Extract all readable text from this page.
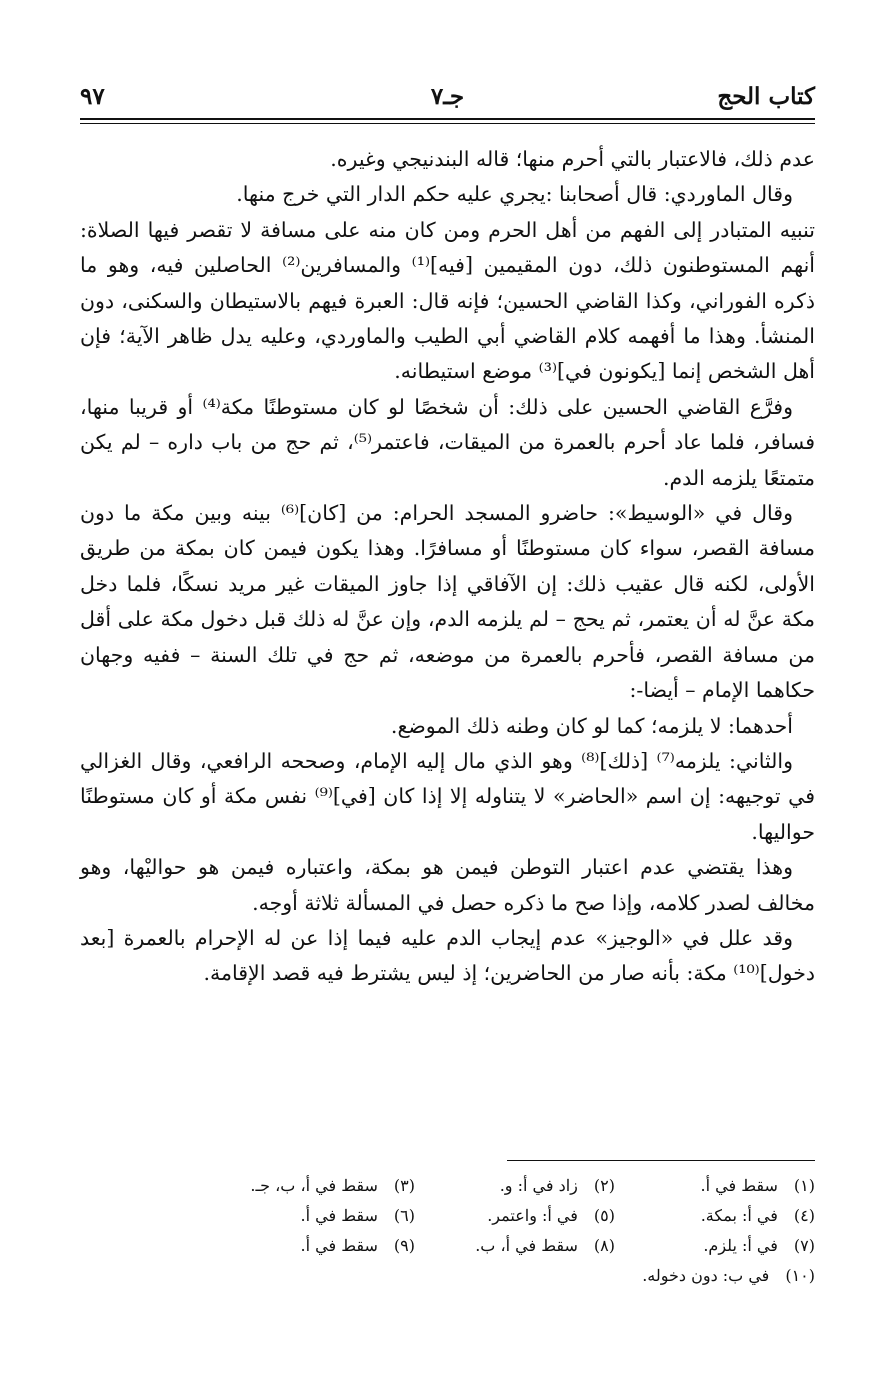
كتاب الحج
جـ٧
٩٧

عدم ذلك، فالاعتبار بالتي أحرم منها؛ قاله البندنيجي وغيره.

وقال الماوردي: قال أصحابنا :يجري عليه حكم الدار التي خرج منها.

تنبيه المتبادر إلى الفهم من أهل الحرم ومن كان منه على مسافة لا تقصر فيها الصلاة: أنهم المستوطنون ذلك، دون المقيمين [فيه]⁽¹⁾ والمسافرين⁽²⁾ الحاصلين فيه، وهو ما ذكره الفوراني، وكذا القاضي الحسين؛ فإنه قال: العبرة فيهم بالاستيطان والسكنى، دون المنشأ. وهذا ما أفهمه كلام القاضي أبي الطيب والماوردي، وعليه يدل ظاهر الآية؛ فإن أهل الشخص إنما [يكونون في]⁽³⁾ موضع استيطانه.

وفرَّع القاضي الحسين على ذلك: أن شخصًا لو كان مستوطنًا مكة⁽⁴⁾ أو قريبا منها، فسافر، فلما عاد أحرم بالعمرة من الميقات، فاعتمر⁽⁵⁾، ثم حج من باب داره – لم يكن متمتعًا يلزمه الدم.

وقال في «الوسيط»: حاضرو المسجد الحرام: من [كان]⁽⁶⁾ بينه وبين مكة ما دون مسافة القصر، سواء كان مستوطنًا أو مسافرًا. وهذا يكون فيمن كان بمكة من طريق الأولى، لكنه قال عقيب ذلك: إن الآفاقي إذا جاوز الميقات غير مريد نسكًا، فلما دخل مكة عنَّ له أن يعتمر، ثم يحج – لم يلزمه الدم، وإن عنَّ له ذلك قبل دخول مكة على أقل من مسافة القصر، فأحرم بالعمرة من موضعه، ثم حج في تلك السنة – ففيه وجهان حكاهما الإمام – أيضا-:

أحدهما: لا يلزمه؛ كما لو كان وطنه ذلك الموضع.

والثاني: يلزمه⁽⁷⁾ [ذلك]⁽⁸⁾ وهو الذي مال إليه الإمام، وصححه الرافعي، وقال الغزالي في توجيهه: إن اسم «الحاضر» لا يتناوله إلا إذا كان [في]⁽⁹⁾ نفس مكة أو كان مستوطنًا حواليها.

وهذا يقتضي عدم اعتبار التوطن فيمن هو بمكة، واعتباره فيمن هو حواليْها، وهو مخالف لصدر كلامه، وإذا صح ما ذكره حصل في المسألة ثلاثة أوجه.

وقد علل في «الوجيز» عدم إيجاب الدم عليه فيما إذا عن له الإحرام بالعمرة [بعد دخول]⁽¹⁰⁾ مكة: بأنه صار من الحاضرين؛ إذ ليس يشترط فيه قصد الإقامة.

(١)سقط في أ.
(٢)زاد في أ: و.
(٣)سقط في أ، ب، جـ.
(٤)في أ: بمكة.
(٥)في أ: واعتمر.
(٦)سقط في أ.
(٧)في أ: يلزم.
(٨)سقط في أ، ب.
(٩)سقط في أ.
(١٠)في ب: دون دخوله.
